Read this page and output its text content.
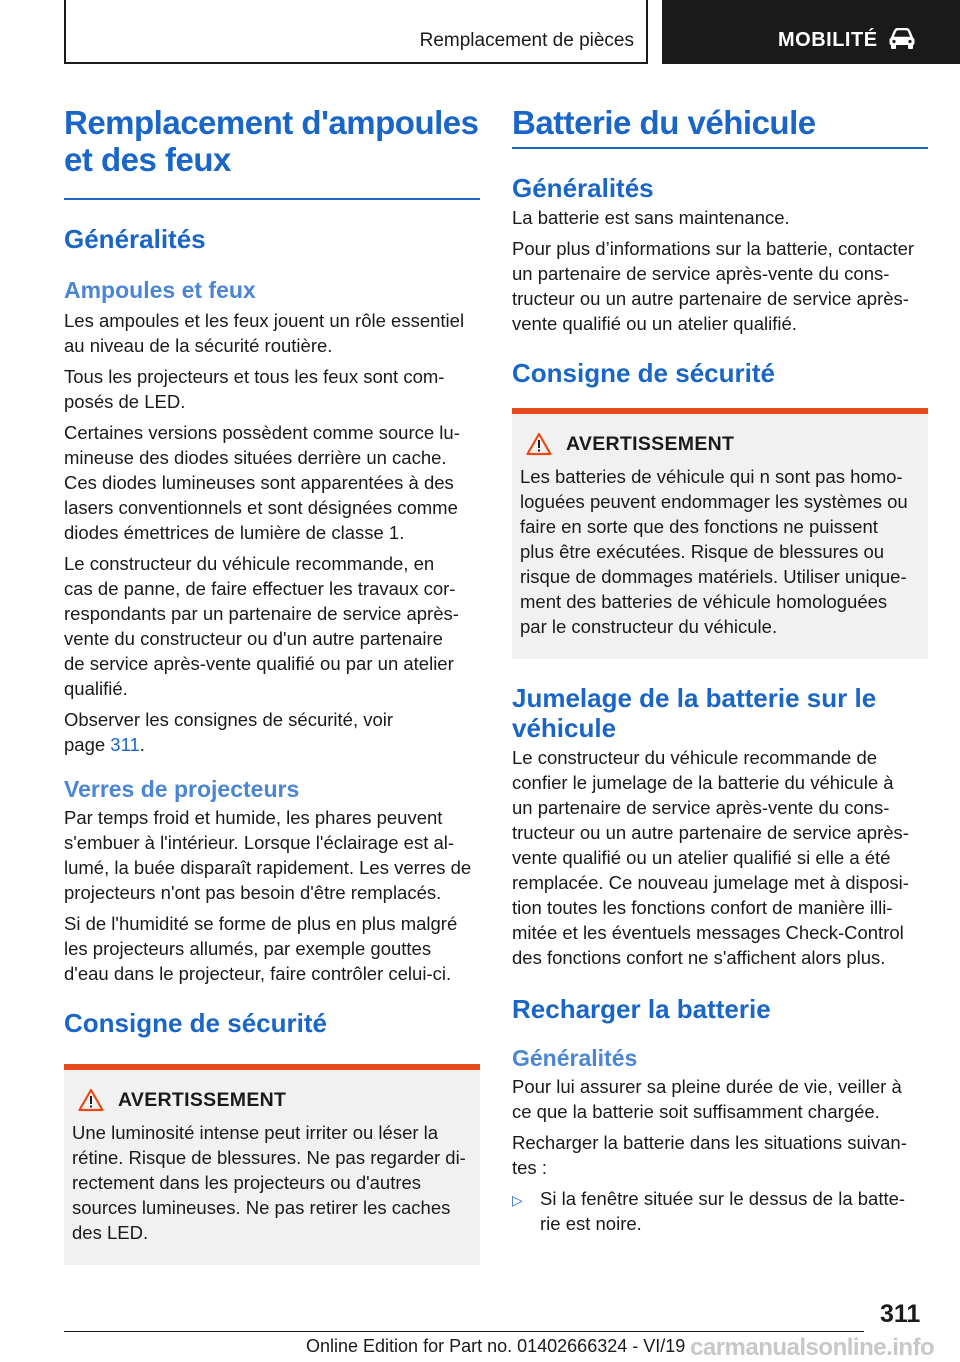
Remplacement de pièces	MOBILITÉ
Remplacement d'ampoules
et des feux
Généralités
Ampoules et feux

Les ampoules et les feux jouent un rôle essentiel
au niveau de la sécurité routière.

Tous les projecteurs et tous les feux sont com‐
posés de LED.

Certaines versions possèdent comme source lu‐
mineuse des diodes situées derrière un cache.
Ces diodes lumineuses sont apparentées à des
lasers conventionnels et sont désignées comme
diodes émettrices de lumière de classe 1.

Le constructeur du véhicule recommande, en
cas de panne, de faire effectuer les travaux cor‐
respondants par un partenaire de service après-
vente du constructeur ou d'un autre partenaire
de service après-vente qualifié ou par un atelier
qualifié.

Observer les consignes de sécurité, voir
page 311.

Verres de projecteurs

Par temps froid et humide, les phares peuvent
s'embuer à l'intérieur. Lorsque l'éclairage est al‐
lumé, la buée disparaît rapidement. Les verres de
projecteurs n'ont pas besoin d'être remplacés.

Si de l'humidité se forme de plus en plus malgré
les projecteurs allumés, par exemple gouttes
d'eau dans le projecteur, faire contrôler celui-ci.

Consigne de sécurité
AVERTISSEMENT

Une luminosité intense peut irriter ou léser la
rétine. Risque de blessures. Ne pas regarder di‐
rectement dans les projecteurs ou d'autres
sources lumineuses. Ne pas retirer les caches
des LED.

Batterie du véhicule
Généralités

La batterie est sans maintenance.

Pour plus d’informations sur la batterie, contacter
un partenaire de service après-vente du cons‐
tructeur ou un autre partenaire de service après-
vente qualifié ou un atelier qualifié.

Consigne de sécurité
AVERTISSEMENT

Les batteries de véhicule qui n sont pas homo‐
loguées peuvent endommager les systèmes ou
faire en sorte que des fonctions ne puissent
plus être exécutées. Risque de blessures ou
risque de dommages matériels. Utiliser unique‐
ment des batteries de véhicule homologuées
par le constructeur du véhicule.

Jumelage de la batterie sur le
véhicule

Le constructeur du véhicule recommande de
confier le jumelage de la batterie du véhicule à
un partenaire de service après-vente du cons‐
tructeur ou un autre partenaire de service après-
vente qualifié ou un atelier qualifié si elle a été
remplacée. Ce nouveau jumelage met à disposi‐
tion toutes les fonctions confort de manière illi‐
mitée et les éventuels messages Check-Control
des fonctions confort ne s'affichent alors plus.

Recharger la batterie
Généralités

Pour lui assurer sa pleine durée de vie, veiller à
ce que la batterie soit suffisamment chargée.

Recharger la batterie dans les situations suivan‐
tes :

▷ Si la fenêtre située sur le dessus de la batte‐
rie est noire.
311
Online Edition for Part no. 01402666324 - VI/19 carmanualsonline.info
